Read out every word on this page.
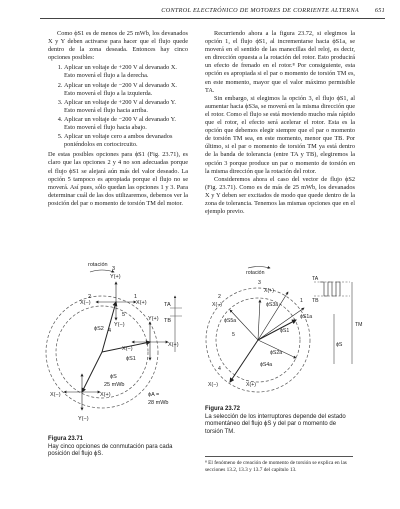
CONTROL ELECTRÓNICO DE MOTORES DE CORRIENTE ALTERNA	651

Como ϕS1 es de menos de 25 mWb, los devanados X y Y deben activarse para hacer que el flujo quede dentro de la zona deseada. Entonces hay cinco opciones posibles:

1. Aplicar un voltaje de +200 V al devanado X. Esto moverá el flujo a la derecha.
2. Aplicar un voltaje de −200 V al devanado X. Esto moverá el flujo a la izquierda.
3. Aplicar un voltaje de +200 V al devanado Y. Esto moverá el flujo hacia arriba.
4. Aplicar un voltaje de −200 V al devanado Y. Esto moverá el flujo hacia abajo.
5. Aplicar un voltaje cero a ambos devanados poniéndolos en cortocircuito.

De estas posibles opciones para ϕS1 (Fig. 23.71), es claro que las opciones 2 y 4 no son adecuadas porque el flujo ϕS1 se alejará aún más del valor deseado. La opción 5 tampoco es apropiada porque el flujo no se moverá. Así pues, sólo quedan las opciones 1 y 3. Para determinar cuál de las dos utilizaremos, debemos ver la posición del par o momento de torsión TM del motor.

Recurriendo ahora a la figura 23.72, si elegimos la opción 1, el flujo ϕS1, al incrementarse hacia ϕS1a, se moverá en el sentido de las manecillas del reloj, es decir, en dirección opuesta a la rotación del rotor. Esto producirá un efecto de frenado en el rotor.⁸ Por consiguiente, esta opción es apropiada si el par o momento de torsión TM es, en este momento, mayor que el valor máximo permisible TA.

Sin embargo, si elegimos la opción 3, el flujo ϕS1, al aumentar hacia ϕS3a, se moverá en la misma dirección que el rotor. Como el flujo se está moviendo mucho más rápido que el rotor, el efecto será acelerar el rotor. Esta es la opción que debemos elegir siempre que el par o momento de torsión TM sea, en este momento, menor que TB. Por último, si el par o momento de torsión TM ya está dentro de la banda de tolerancia (entre TA y TB), elegiremos la opción 3 porque produce un par o momento de torsión en la misma dirección que la rotación del rotor.

Consideremos ahora el caso del vector de flujo ϕS2 (Fig. 23.71). Como es de más de 25 mWb, los devanados X y Y deben ser excitados de modo que quede dentro de la zona de tolerancia. Tenemos las mismas opciones que en el ejemplo previo.

rotación
Y(+)
3
X(−)
2
X(+)
1
5
Y(−)
4
ϕS2
Y(+)
X(+)
X(−)
ϕS1
ϕS
25 mWb
TA
TB
ϕA =
28 mWb
Y(−)
X(−)	X(+)
Figura 23.71
Hay cinco opciones de conmutación para cada posición del flujo ϕS.
rotación
3
X(+)
2
X(−)	ϕS3a
ϕS5a
1
ϕS1a
ϕS1
5
ϕS2a
ϕS4a
4
X(−)	X(+)
TA
TB
TM
ϕS
Figura 23.72
La selección de los interruptores depende del estado momentáneo del flujo ϕS y del par o momento de torsión TM.
⁸ El fenómeno de creación de momento de torsión se explica en las secciones 13.2, 13.3 y 13.7 del capítulo 13.
